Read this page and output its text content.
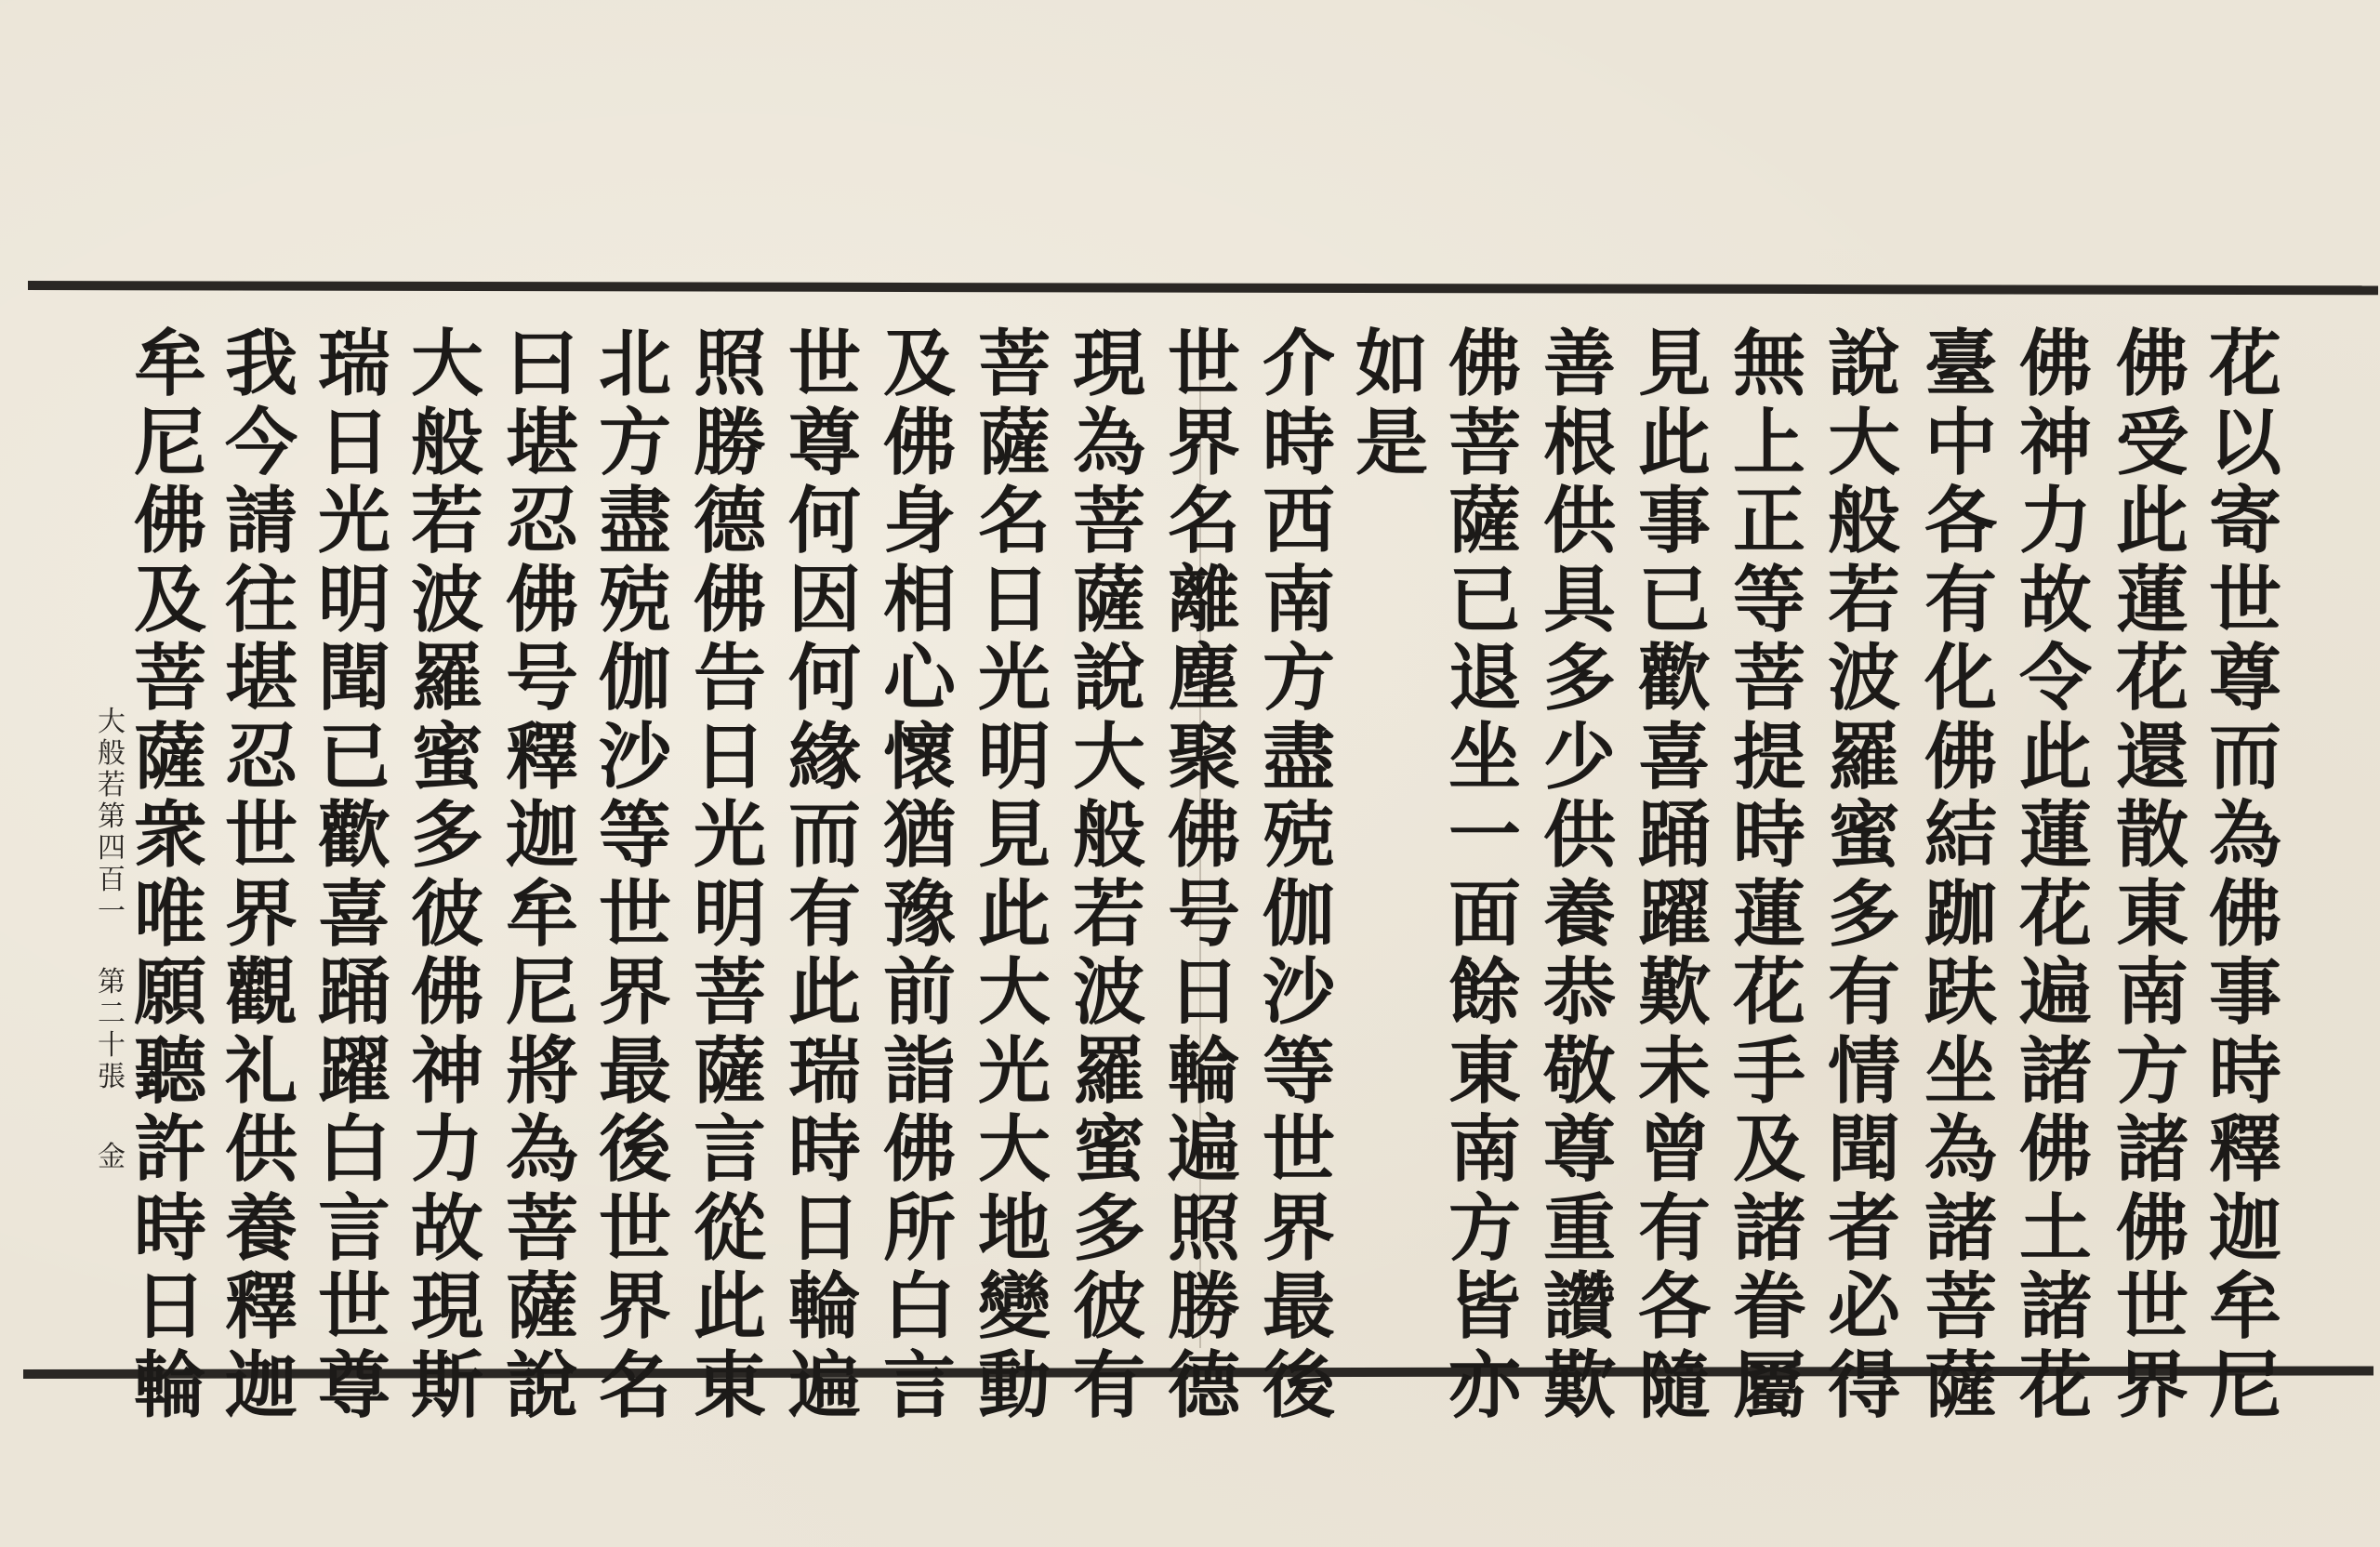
花以寄世尊而為佛事時釋迦牟尼
佛受此蓮花還散東南方諸佛世界
佛神力故令此蓮花遍諸佛土諸花
臺中各有化佛結跏趺坐為諸菩薩
說大般若波羅蜜多有情聞者必得
無上正等菩提時蓮花手及諸眷屬
見此事已歡喜踊躍歎未曾有各隨
善根供具多少供養恭敬尊重讚歎
佛菩薩已退坐一面餘東南方皆亦
如是
介時西南方盡殑伽沙等世界最後
世界名離塵聚佛号日輪遍照勝德
現為菩薩說大般若波羅蜜多彼有
菩薩名日光明見此大光大地變動
及佛身相心懷猶豫前詣佛所白言
世尊何因何緣而有此瑞時日輪遍
照勝德佛告日光明菩薩言從此東
北方盡殑伽沙等世界最後世界名
曰堪忍佛号釋迦牟尼將為菩薩說
大般若波羅蜜多彼佛神力故現斯
瑞日光明聞已歡喜踊躍白言世尊
我今請往堪忍世界觀礼供養釋迦
牟尼佛及菩薩衆唯願聽許時日輪
大般若第四百一
第二十張
金
